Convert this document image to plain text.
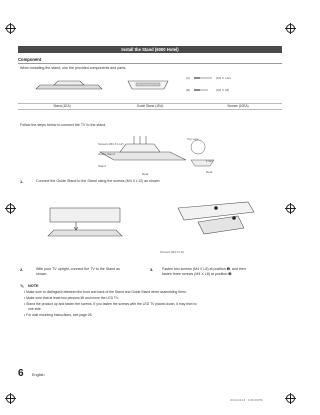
Install the Stand (6000 Hotel)
Component
When installing the stand, use the provided components and parts.
(A)	(M4 X L12)
(B)	(M4 X L8)
Stand (1EA)	Guide Stand (1EA)	Screws (10EA)
Follow the steps below to connect the TV to the stand.
Screws (M4 X L12)
Guide Stand
Stand
Rear
Top view
Front
Rear
1.	Connect the Guide Stand to the Stand using the screws (M4 X L12) as shown.
Screws (M4 X L8)
2.	With your TV upright, connect the TV to the Stand as
shown.
3. Fasten two screws (M4 X L8) at position ➊, and then
fasten three screws (M4 X L8) at position ➋.
✎ NOTE
• Make sure to distinguish between the front and back of the Stand and Guide Stand when assembling them.
• Make sure that at least two persons lift and move the LED TV.
• Stand the product up and fasten the screws. If you fasten the screws with the LED TV placed down, it may lean to
one side.
• For wall mounting instructions, see page 26.
6 English
2010-04-13   4:06:26PM
